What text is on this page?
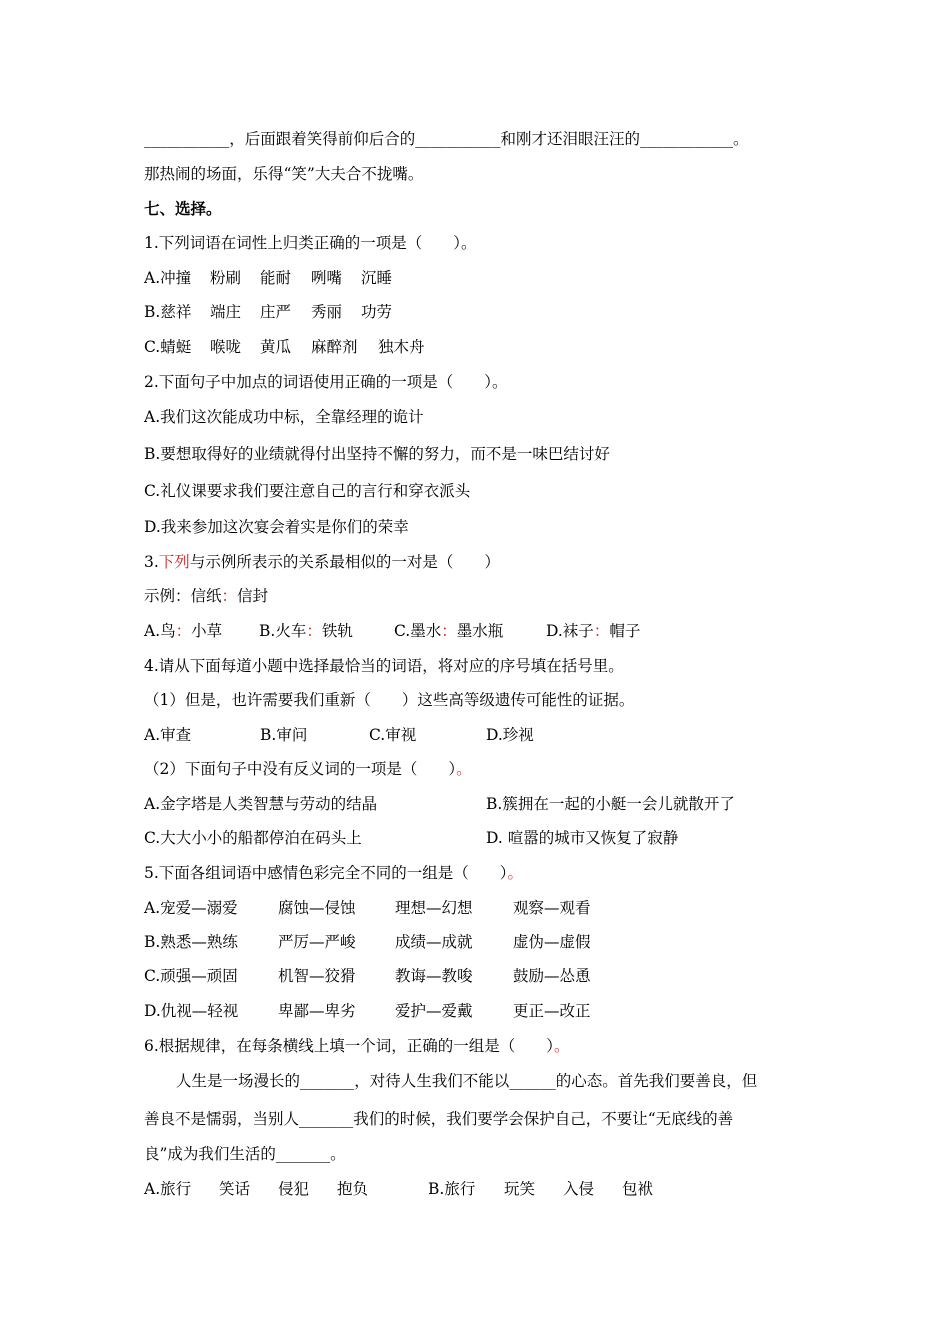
___________，后面跟着笑得前仰后合的___________和刚才还泪眼汪汪的____________。
那热闹的场面，乐得“笑”大夫合不拢嘴。
七、选择。
1.下列词语在词性上归类正确的一项是（　　）。
A.冲撞 粉刷 能耐 咧嘴 沉睡
B.慈祥 端庄 庄严 秀丽 功劳
C.蜻蜓 喉咙 黄瓜 麻醉剂 独木舟
2.下面句子中加点的词语使用正确的一项是（　　）。
A.我们这次能成功中标，全靠经理的诡计
B.要想取得好的业绩就得付出坚持不懈的努力，而不是一味巴结讨好
C.礼仪课要求我们要注意自己的言行和穿衣派头
D.我来参加这次宴会着实是你们的荣幸
3.下列与示例所表示的关系最相似的一对是（　　）
示例：信纸：信封
A.鸟：小草 B.火车：铁轨	C.墨水：墨水瓶	D.袜子：帽子
4.请从下面每道小题中选择最恰当的词语，将对应的序号填在括号里。
（1）但是，也许需要我们重新（　　）这些高等级遗传可能性的证据。
A.审查	B.审问	C.审视	D.珍视
（2）下面句子中没有反义词的一项是（　　）。
A.金字塔是人类智慧与劳动的结晶	B.簇拥在一起的小艇一会儿就散开了
C.大大小小的船都停泊在码头上	D. 喧嚣的城市又恢复了寂静
5.下面各组词语中感情色彩完全不同的一组是（　　）。
A.宠爱—溺爱	腐蚀—侵蚀	理想—幻想	观察—观看
B.熟悉—熟练	严厉—严峻	成绩—成就	虚伪—虚假
C.顽强—顽固	机智—狡猾	教诲—教唆	鼓励—怂恿
D.仇视—轻视	卑鄙—卑劣	爱护—爱戴	更正—改正
6.根据规律，在每条横线上填一个词，正确的一组是（　　）。
人生是一场漫长的_______，对待人生我们不能以______的心态。首先我们要善良，但
善良不是懦弱，当别人_______我们的时候，我们要学会保护自己，不要让“无底线的善
良”成为我们生活的_______。
A.旅行 笑话 侵犯 抱负	B.旅行 玩笑 入侵 包袱
